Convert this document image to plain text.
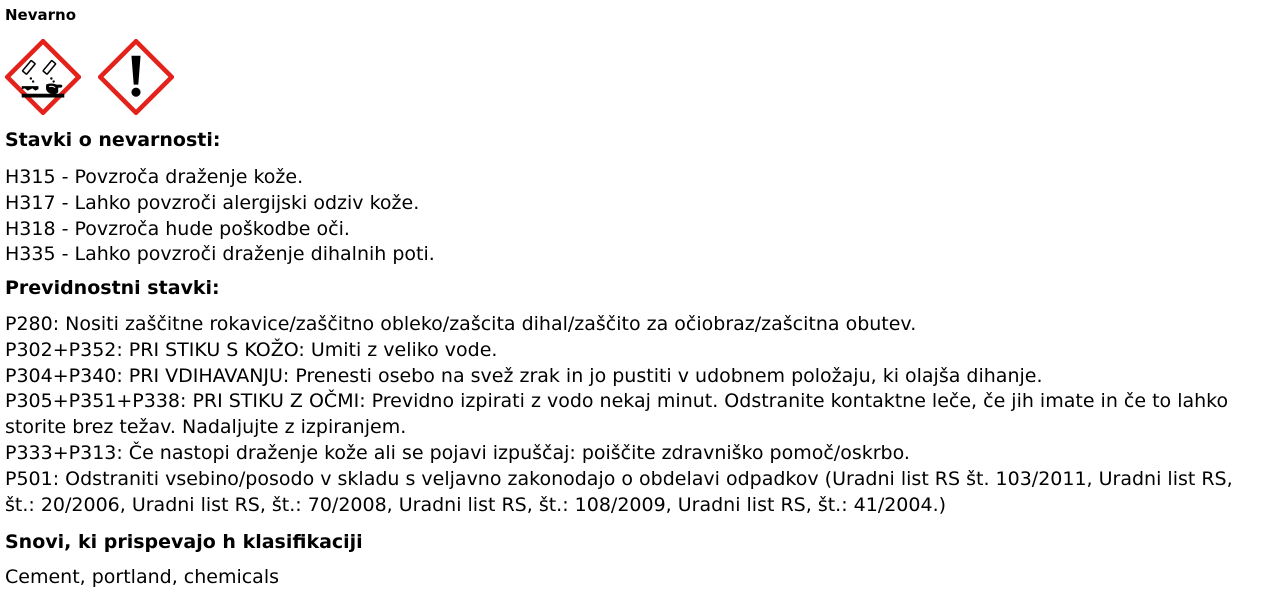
Nevarno
Stavki o nevarnosti:
H315 - Povzroča draženje kože.
H317 - Lahko povzroči alergijski odziv kože.
H318 - Povzroča hude poškodbe oči.
H335 - Lahko povzroči draženje dihalnih poti.
Previdnostni stavki:
P280: Nositi zaščitne rokavice/zaščitno obleko/zašcita dihal/zaščito za očiobraz/zašcitna obutev.
P302+P352: PRI STIKU S KOŽO: Umiti z veliko vode.
P304+P340: PRI VDIHAVANJU: Prenesti osebo na svež zrak in jo pustiti v udobnem položaju, ki olajša dihanje.
P305+P351+P338: PRI STIKU Z OČMI: Previdno izpirati z vodo nekaj minut. Odstranite kontaktne leče, če jih imate in če to lahko storite brez težav. Nadaljujte z izpiranjem.
P333+P313: Če nastopi draženje kože ali se pojavi izpuščaj: poiščite zdravniško pomoč/oskrbo.
P501: Odstraniti vsebino/posodo v skladu s veljavno zakonodajo o obdelavi odpadkov (Uradni list RS št. 103/2011, Uradni list RS, št.: 20/2006, Uradni list RS, št.: 70/2008, Uradni list RS, št.: 108/2009, Uradni list RS, št.: 41/2004.)
Snovi, ki prispevajo h klasifikaciji
Cement, portland, chemicals
